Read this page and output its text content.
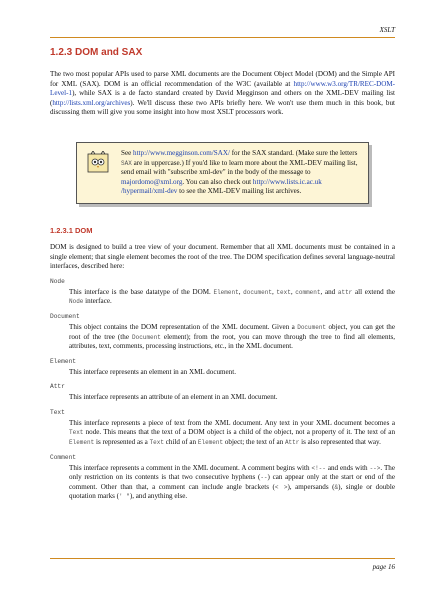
XSLT
1.2.3 DOM and SAX

The two most popular APIs used to parse XML documents are the Document Object Model (DOM) and the Simple API for XML (SAX). DOM is an official recommendation of the W3C (available at http://www.w3.org/TR/REC-DOM-Level-1), while SAX is a de facto standard created by David Megginson and others on the XML-DEV mailing list (http://lists.xml.org/archives). We'll discuss these two APIs briefly here. We won't use them much in this book, but discussing them will give you some insight into how most XSLT processors work.

See http://www.megginson.com/SAX/ for the SAX standard. (Make sure the letters SAX are in uppercase.) If you'd like to learn more about the XML-DEV mailing list, send email with "subscribe xml-dev" in the body of the message to majordomo@xml.org. You can also check out http://www.lists.ic.ac.uk /hypermail/xml-dev to see the XML-DEV mailing list archives.
1.2.3.1 DOM

DOM is designed to build a tree view of your document. Remember that all XML documents must be contained in a single element; that single element becomes the root of the tree. The DOM specification defines several language-neutral interfaces, described here:

Node

This interface is the base datatype of the DOM. Element, document, text, comment, and attr all extend the Node interface.

Document

This object contains the DOM representation of the XML document. Given a Document object, you can get the root of the tree (the Document element); from the root, you can move through the tree to find all elements, attributes, text, comments, processing instructions, etc., in the XML document.

Element

This interface represents an element in an XML document.

Attr

This interface represents an attribute of an element in an XML document.

Text

This interface represents a piece of text from the XML document. Any text in your XML document becomes a Text node. This means that the text of a DOM object is a child of the object, not a property of it. The text of an Element is represented as a Text child of an Element object; the text of an Attr is also represented that way.

Comment

This interface represents a comment in the XML document. A comment begins with <!-- and ends with -->. The only restriction on its contents is that two consecutive hyphens (--) can appear only at the start or end of the comment. Other than that, a comment can include angle brackets (< >), ampersands (&), single or double quotation marks (' "), and anything else.

page 16
